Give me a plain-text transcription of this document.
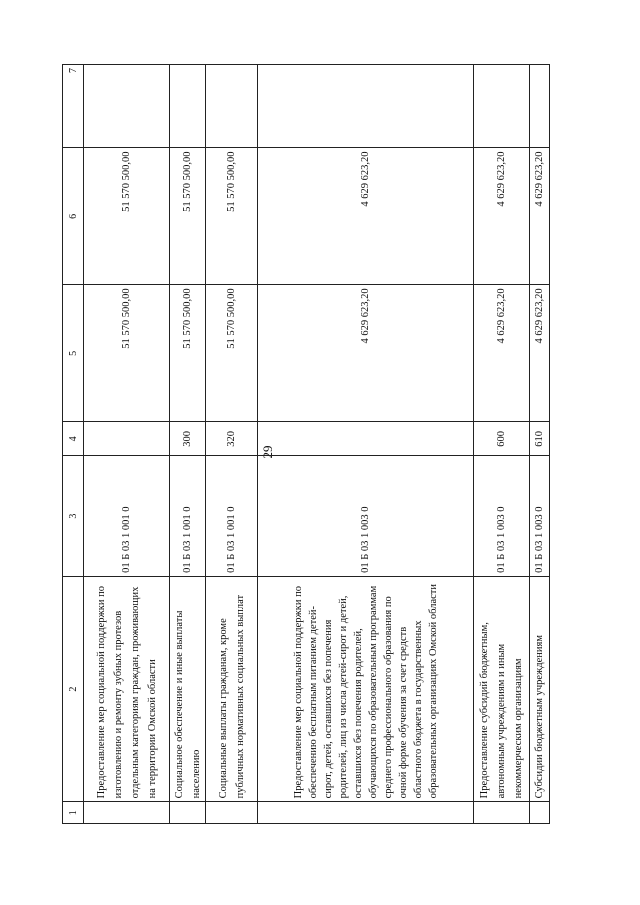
29
1	2	3	4	5	6	7
	Предоставление мер социальной поддержки по изготовлению и ремонту зубных протезов отдельным категориям граждан, проживающих на территории Омской области	01 Б 03 1 001 0		51 570 500,00	51 570 500,00	
	Социальное обеспечение и иные выплаты населению	01 Б 03 1 001 0	300	51 570 500,00	51 570 500,00	
	Социальные выплаты гражданам, кроме публичных нормативных социальных выплат	01 Б 03 1 001 0	320	51 570 500,00	51 570 500,00	
	Предоставление мер социальной поддержки по обеспечению бесплатным питанием детей-сирот, детей, оставшихся без попечения родителей, лиц из числа детей-сирот и детей, оставшихся без попечения родителей, обучающихся по образовательным программам среднего профессионального образования по очной форме обучения за счет средств областного бюджета в государственных образовательных организациях Омской области	01 Б 03 1 003 0		4 629 623,20	4 629 623,20	
	Предоставление субсидий бюджетным, автономным учреждениям и иным некоммерческим организациям	01 Б 03 1 003 0	600	4 629 623,20	4 629 623,20	
	Субсидии бюджетным учреждениям	01 Б 03 1 003 0	610	4 629 623,20	4 629 623,20	
